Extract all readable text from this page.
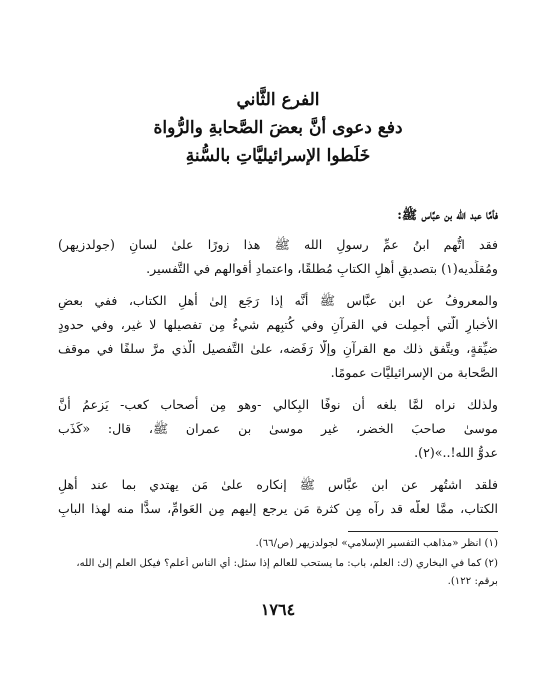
الفرع الثَّاني
دفع دعوى أنَّ بعضَ الصَّحابةِ والرُّواة
خَلَطوا الإسرائيليَّاتِ بالسُّنةِ
فأمَّا عبد الله بن عبَّاس ﷺ:
فقد اتُّهم ابنُ عمِّ رسولِ الله ﷺ هذا زورًا علىٰ لسانِ (جولدزيهر)
ومُقلِّديه(١) بتصديقِ أهلِ الكتابِ مُطلقًا، واعتمادِ أقوالهم في التَّفسير.
والمعروفُ عن ابن عبَّاس ﷺ أنَّه إذا رَجَع إلىٰ أهلِ الكتاب، ففي بعضِ
الأخبارِ الَّتي أُجمِلت في القرآنِ وفي كُتبِهم شيءٌ مِن تفصيلها لا غير، وفي حدودٍ
ضيِّقةٍ، ويتَّفق ذلك مع القرآنِ وإلَّا رَفَضه، علىٰ التَّفصيل الَّذي مرَّ سلفًا في موقف
الصَّحابة من الإسرائيليَّات عمومًا.
ولذلك نراه لمَّا بلغه أن نوفًا البِكالي -وهو مِن أصحاب كعب- يَزعمُ أنَّ
موسىٰ صاحبَ الخضر، غير موسىٰ بن عمران ﷺ، قال: «كَذَب
عدوُّ الله!..»(٢).
فلقد اشتُهر عن ابن عبَّاس ﷺ إنكاره علىٰ مَن يهتدي بما عند أهلِ
الكتاب، ممَّا لعلَّه قد رآه مِن كثرة مَن يرجع إليهم مِن العَوامِّ، سدًّا منه لهذا البابِ
(١) انظر «مذاهب التفسير الإسلامي» لجولدزيهر (ص/٦٦).
(٢) كما في البخاري (ك: العلم، باب: ما يستحب للعالم إذا سئل: أي الناس أعلم؟ فيكل العلم إلىٰ الله،
برقم: ١٢٢).
١٧٦٤
